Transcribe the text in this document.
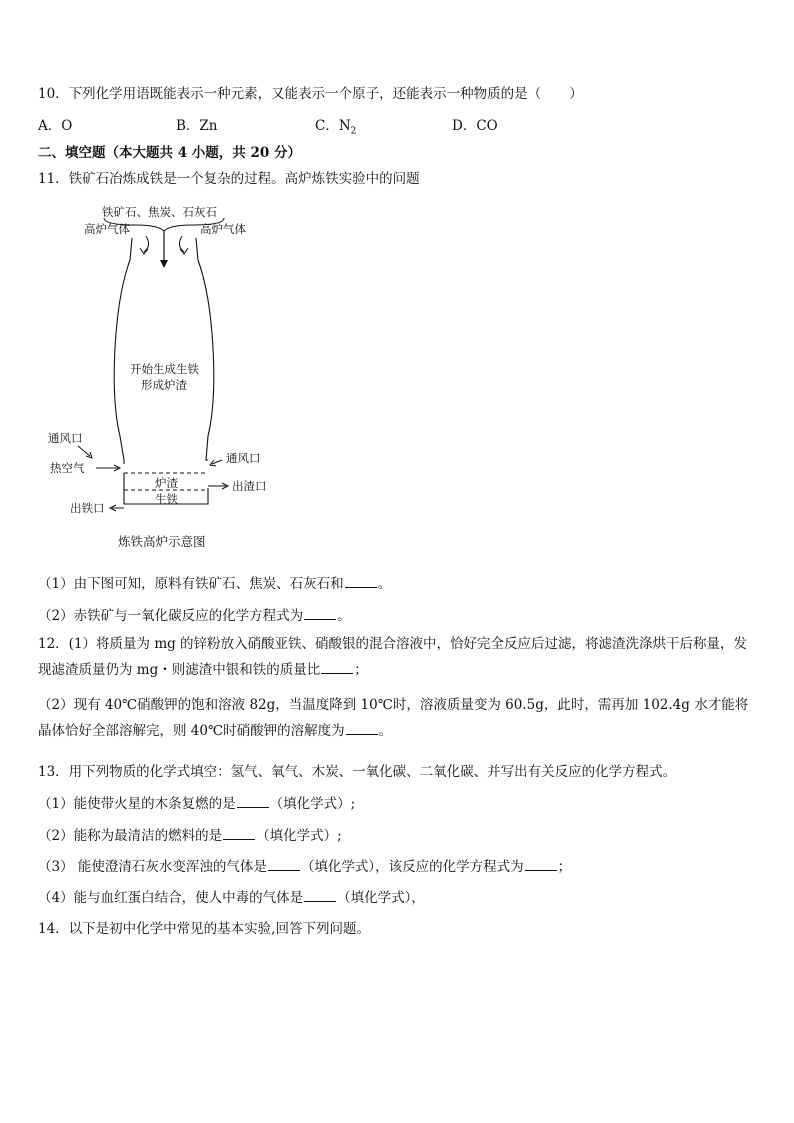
10．下列化学用语既能表示一种元素，又能表示一个原子，还能表示一种物质的是（ ）
A．O	B．Zn	C．$N_2$	D．CO
二、填空题（本大题共 4 小题，共 20 分）
11．铁矿石冶炼成铁是一个复杂的过程。高炉炼铁实验中的问题
铁矿石、焦炭、石灰石
高炉气体	高炉气体
开始生成生铁
形成炉渣
通风口
热空气
通风口
炉渣
生铁
出渣口
出铁口
炼铁高炉示意图
（1）由下图可知，原料有铁矿石、焦炭、石灰石和	。
（2）赤铁矿与一氧化碳反应的化学方程式为	。
12．(1）将质量为 mg 的锌粉放入硝酸亚铁、硝酸银的混合溶液中，恰好完全反应后过滤，将滤渣洗涤烘干后称量，发现滤渣质量仍为 mg・则滤渣中银和铁的质量比	；
（2）现有 40℃硝酸钾的饱和溶液 82g，当温度降到 10℃时，溶液质量变为 60.5g，此时，需再加 102.4g 水才能将晶体恰好全部溶解完，则 40℃时硝酸钾的溶解度为	。
13．用下列物质的化学式填空：氢气、氧气、木炭、一氧化碳、二氧化碳、并写出有关反应的化学方程式。
（1）能使带火星的木条复燃的是	（填化学式）;
（2）能称为最清洁的燃料的是	（填化学式）;
（3） 能使澄清石灰水变浑浊的气体是	（填化学式），该反应的化学方程式为	；
（4）能与血红蛋白结合，使人中毒的气体是	（填化学式），
14．以下是初中化学中常见的基本实验,回答下列问题。
